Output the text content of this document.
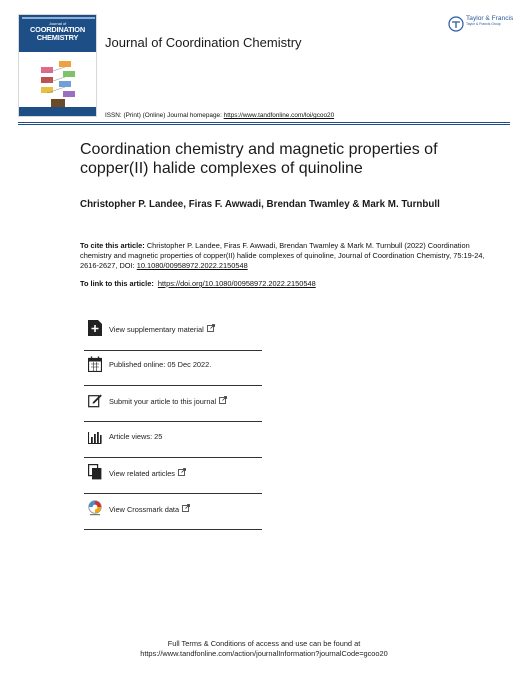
Journal of
COORDINATION
CHEMISTRY	Journal of Coordination Chemistry
Taylor & Francis
Taylor & Francis Group
ISSN: (Print) (Online) Journal homepage: https://www.tandfonline.com/loi/gcoo20
Coordination chemistry and magnetic properties of copper(II) halide complexes of quinoline
Christopher P. Landee, Firas F. Awwadi, Brendan Twamley & Mark M. Turnbull
To cite this article: Christopher P. Landee, Firas F. Awwadi, Brendan Twamley & Mark M. Turnbull (2022) Coordination chemistry and magnetic properties of copper(II) halide complexes of quinoline, Journal of Coordination Chemistry, 75:19-24, 2616-2627, DOI: 10.1080/00958972.2022.2150548
To link to this article: https://doi.org/10.1080/00958972.2022.2150548
View supplementary material
Published online: 05 Dec 2022.
Submit your article to this journal
Article views: 25
View related articles
View Crossmark data
Full Terms & Conditions of access and use can be found at
https://www.tandfonline.com/action/journalInformation?journalCode=gcoo20
